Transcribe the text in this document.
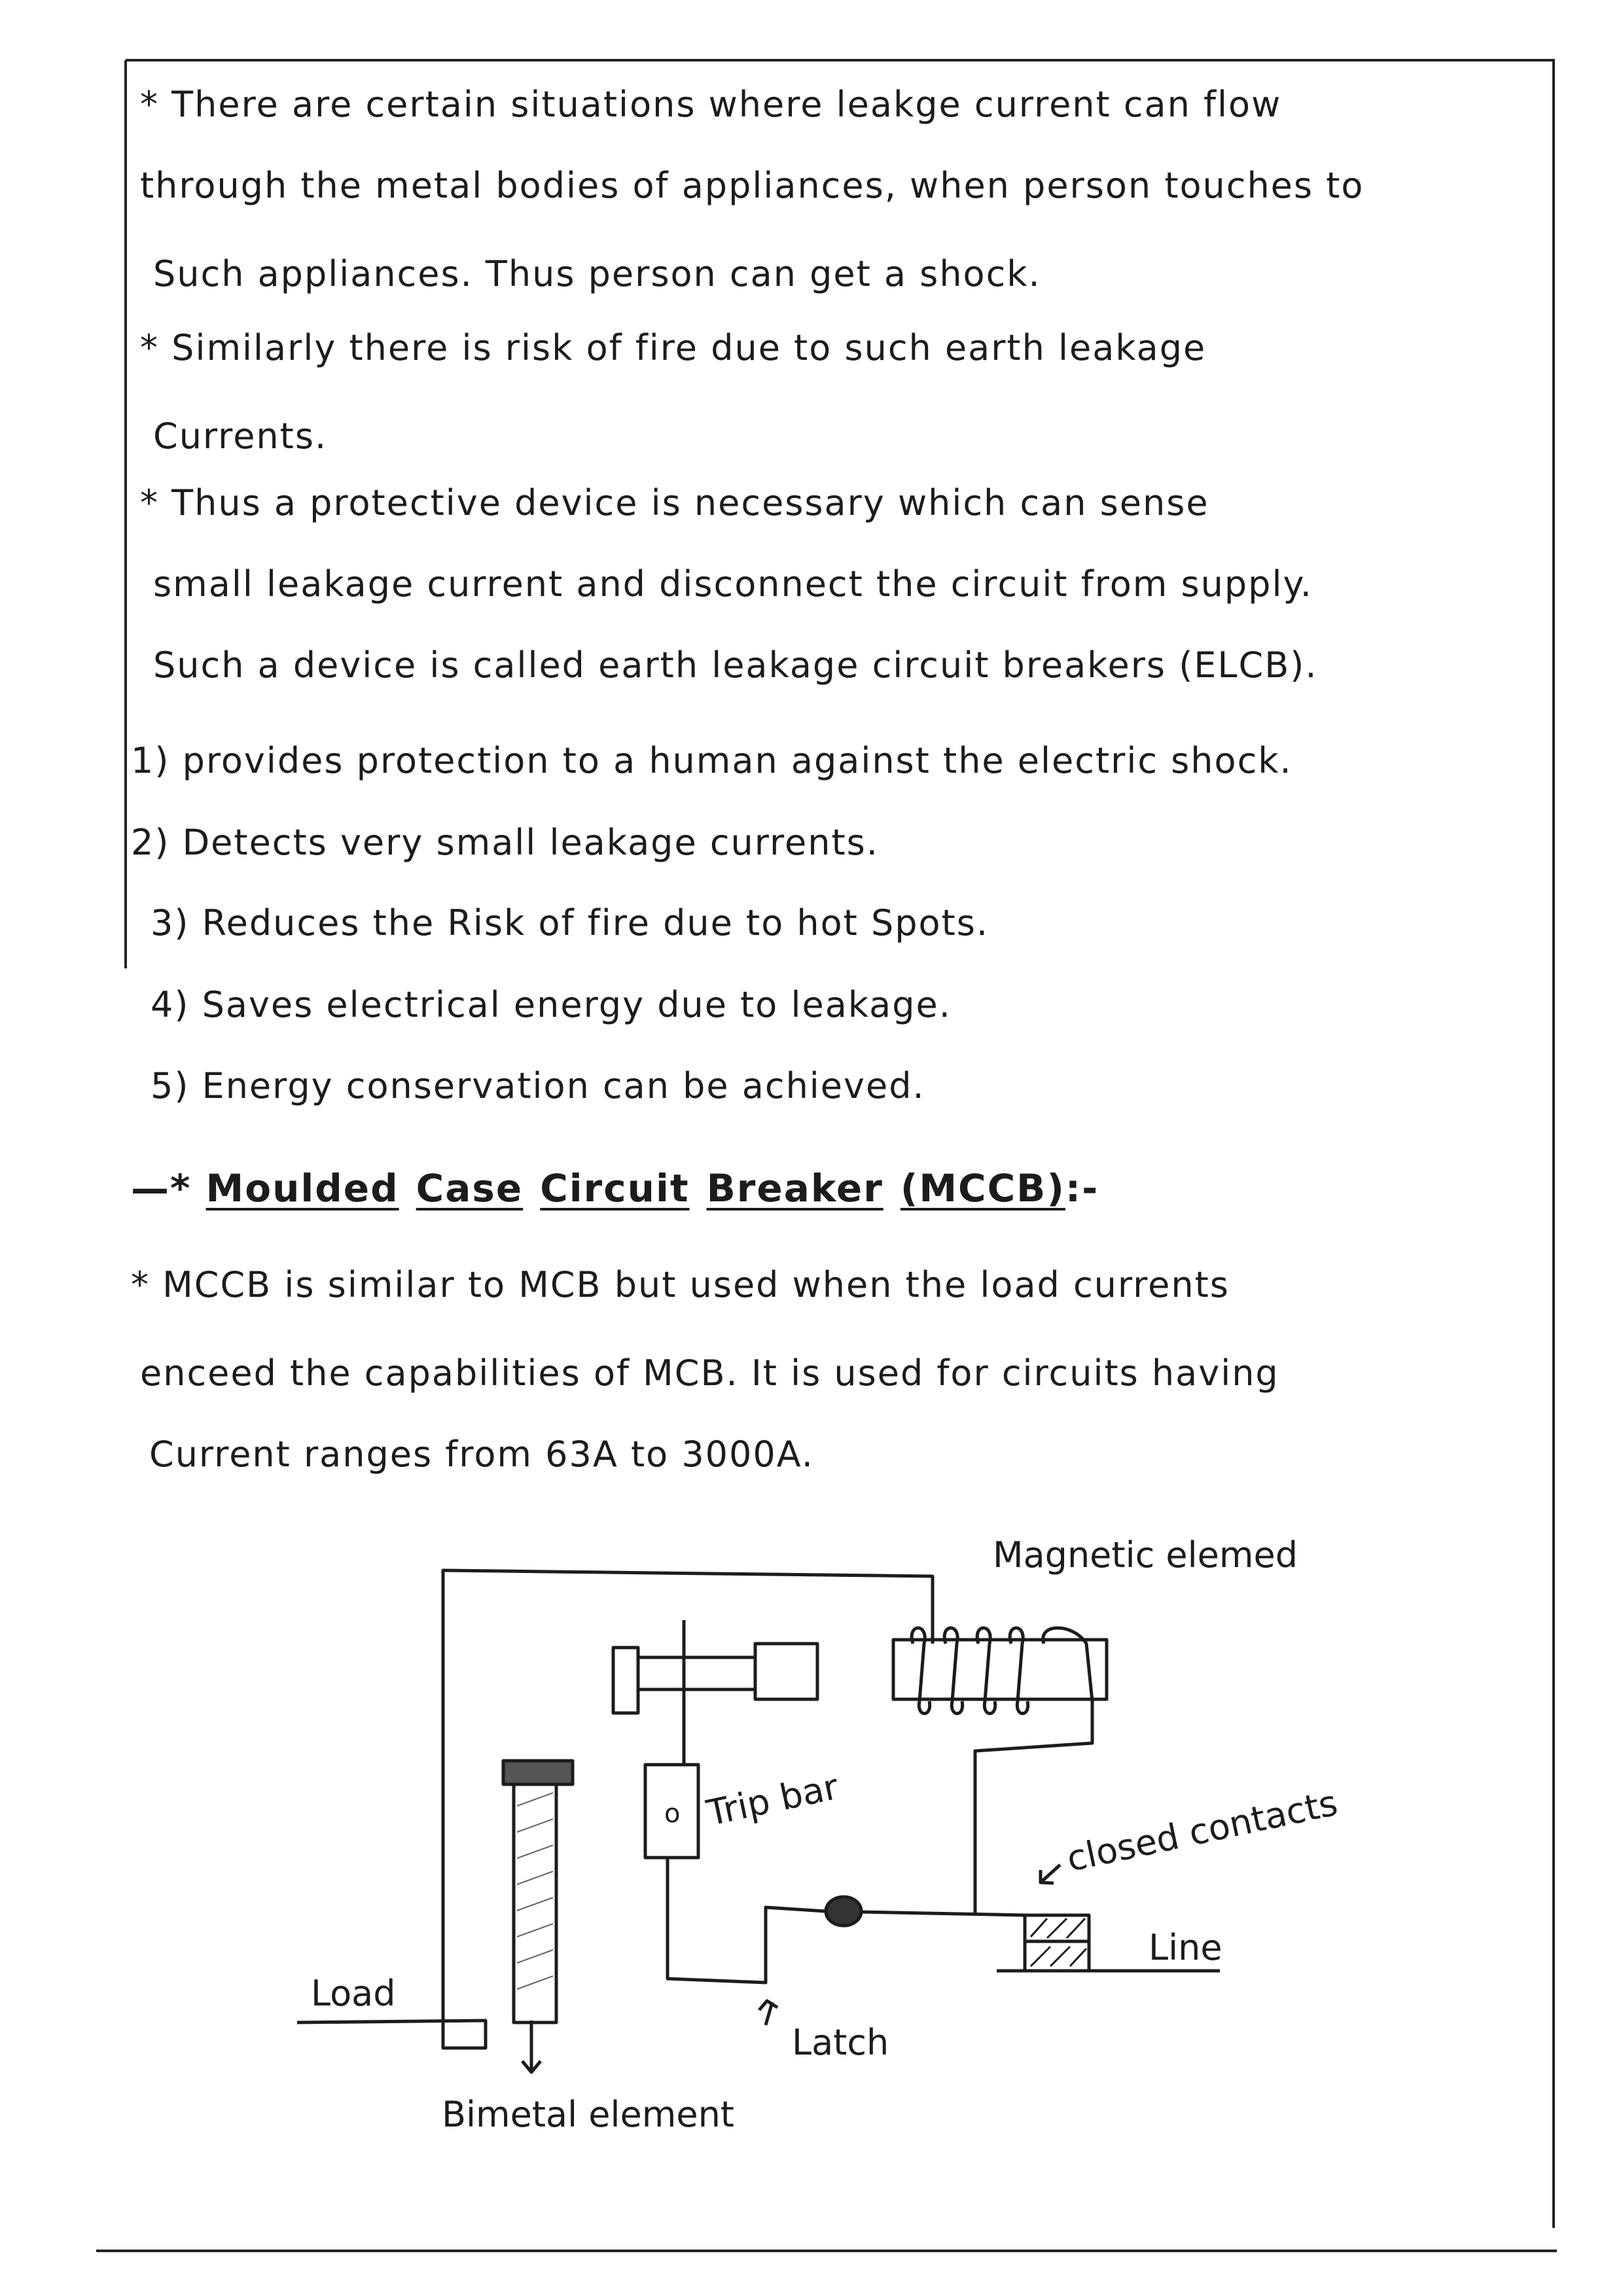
* There are certain situations where leakge current can flow
through the metal bodies of appliances, when person touches to
Such appliances. Thus person can get a shock.
* Similarly there is risk of fire due to such earth leakage
Currents.
* Thus a protective device is necessary which can sense
small leakage current and disconnect the circuit from supply.
Such a device is called earth leakage circuit breakers (ELCB).
1) provides protection to a human against the electric shock.
2) Detects very small leakage currents.
3) Reduces the Risk of fire due to hot Spots.
4) Saves electrical energy due to leakage.
5) Energy conservation can be achieved.
—* Moulded Case Circuit Breaker (MCCB):-
* MCCB is similar to MCB but used when the load currents
enceed the capabilities of MCB. It is used for circuits having
Current ranges from 63A to 3000A.
Magnetic elemed
Trip bar
o	closed contacts
Line
Load
Latch
Bimetal element
